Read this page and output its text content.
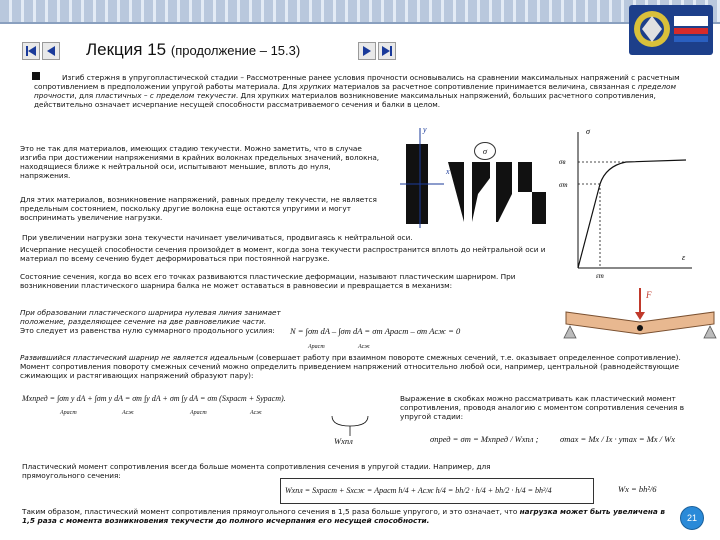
Лекция 15 (продолжение – 15.3)
Изгиб стержня в упругопластической стадии – Рассмотренные ранее условия прочности основывались на сравнении максимальных напряжений с расчетным сопротивлением в предположении упругой работы материала. Для хрупких материалов за расчетное сопротивление принимается величина, связанная с пределом прочности, для пластичных – с пределом текучести. Для хрупких материалов возникновение максимальных напряжений, больших расчетного сопротивления, действительно означает исчерпание несущей способности рассматриваемого сечения и балки в целом.
Это не так для материалов, имеющих стадию текучести. Можно заметить, что в случае изгиба при достижении напряжениями в крайних волокнах предельных значений, волокна, находящиеся ближе к нейтральной оси, испытывают меньшие, вплоть до нуля, напряжения.
Для этих материалов, возникновение напряжений, равных пределу текучести, не является предельным состоянием, поскольку другие волокна еще остаются упругими и могут воспринимать увеличение нагрузки.
y
x
σ
σ
σв
σт
εт
ε
При увеличении нагрузки зона текучести начинает увеличиваться, продвигаясь к нейтральной оси.
Исчерпание несущей способности сечения произойдет в момент, когда зона текучести распространится вплоть до нейтральной оси и материал по всему сечению будет деформироваться при постоянной нагрузке.
Состояние сечения, когда во всех его точках развиваются пластические деформации, называют пластическим шарниром. При возникновении пластического шарнира балка не может оставаться в равновесии и превращается в механизм:
При образовании пластического шарнира нулевая линия занимает положение, разделяющее сечение на две равновеликие части. Это следует из равенства нулю суммарного продольного усилия:	N = ∫σт dA – ∫σт dA = σт Aраст – σт Aсж = 0
Aраст	Aсж
F
Развившийся пластический шарнир не является идеальным (совершает работу при взаимном повороте смежных сечений, т.е. оказывает определенное сопротивление). Момент сопротивления повороту смежных сечений можно определить приведением напряжений относительно любой оси, например, центральной (равнодействующие сжимающих и растягивающих напряжений образуют пару):
Mxпред = ∫σт y dA + ∫σт y dA = σт ∫y dA + σт ∫y dA = σт (Sxраст + Syраст).
Aраст	Aсж	Aраст	Aсж
Wxпл
Выражение в скобках можно рассматривать как пластический момент сопротивления, проводя аналогию с моментом сопротивления сечения в упругой стадии:
σпред = σт = Mxпред / Wxпл ;	σmax = Mx / Ix · ymax = Mx / Wx
Пластический момент сопротивления всегда больше момента сопротивления сечения в упругой стадии. Например, для прямоугольного сечения:
Wxпл = Sxраст + Sxсж = Aраст h/4 + Aсж h/4 = bh/2 · h/4 + bh/2 · h/4 = bh²/4	Wx = bh²/6
Таким образом, пластический момент сопротивления прямоугольного сечения в 1,5 раза больше упругого, и это означает, что нагрузка может быть увеличена в 1,5 раза с момента возникновения текучести до полного исчерпания его несущей способности.	21
